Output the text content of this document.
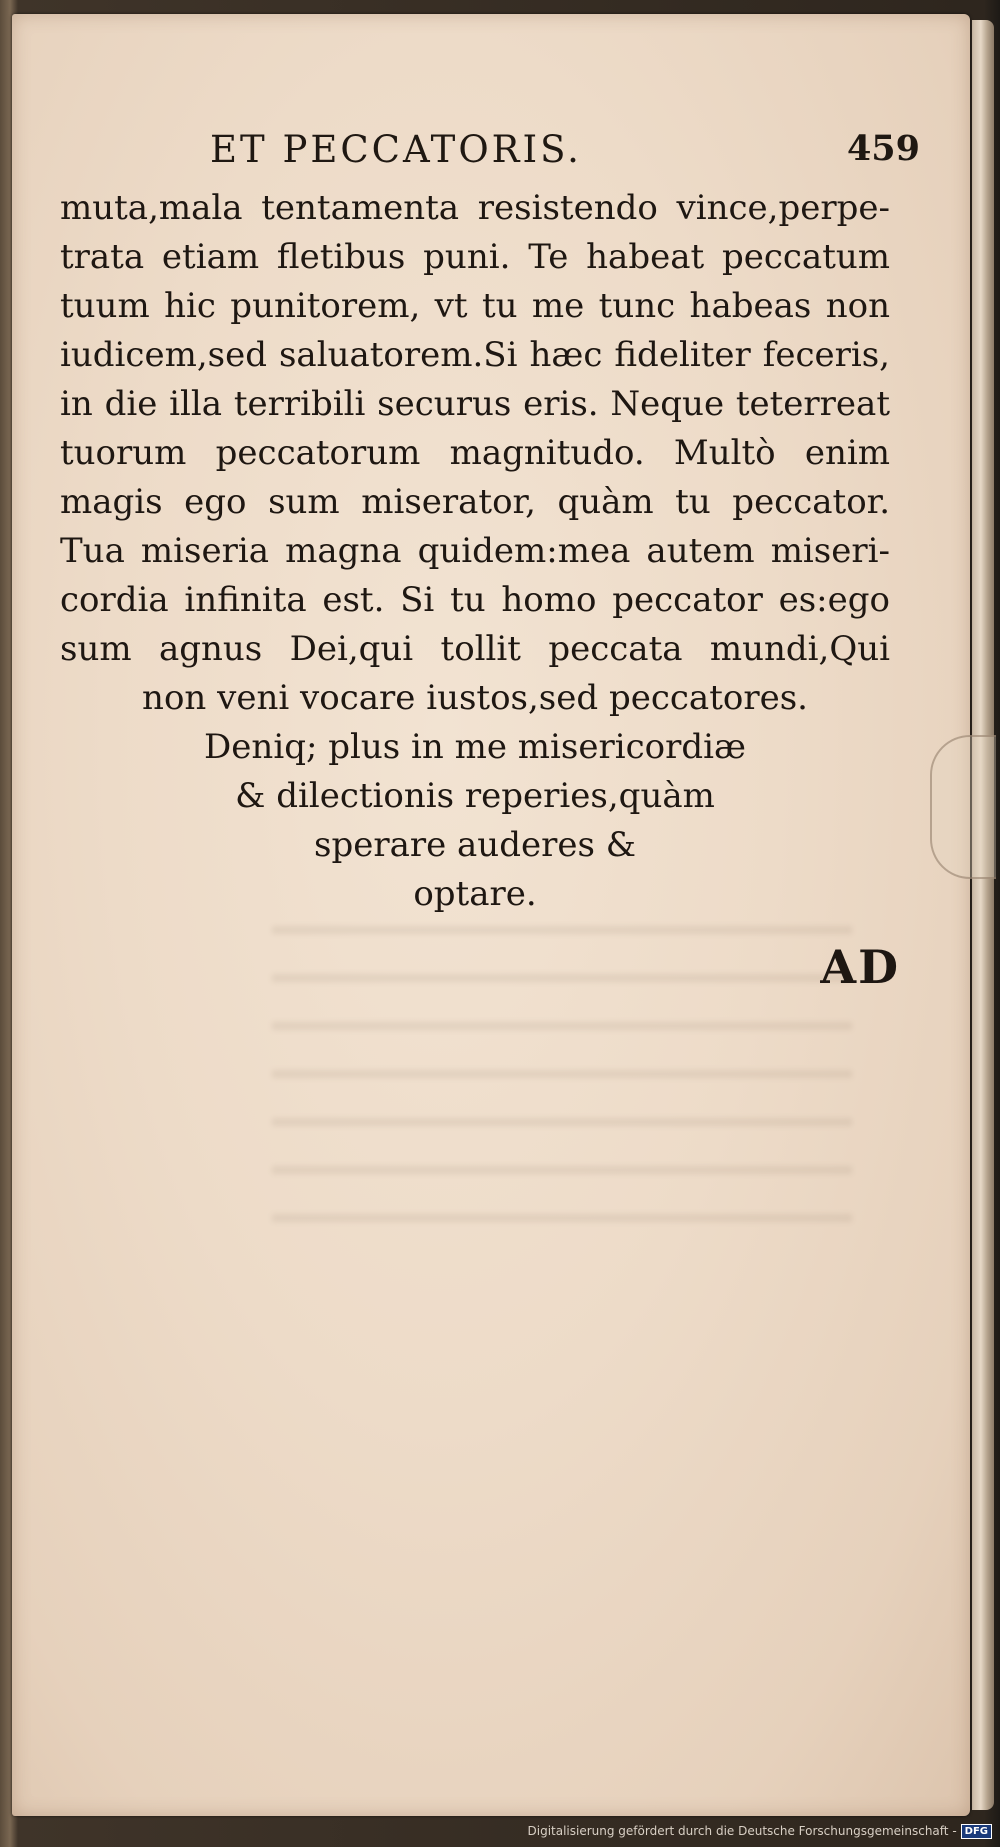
ET PECCATORIS.	459
muta,mala tentamenta resistendo vince,perpe-
trata etiam fletibus puni. Te habeat peccatum
tuum hic punitorem, vt tu me tunc habeas non
iudicem,sed saluatorem.Si hæc fideliter feceris,
in die illa terribili securus eris. Neque teterreat
tuorum peccatorum magnitudo. Multò enim
magis ego sum miserator, quàm tu peccator.
Tua miseria magna quidem:mea autem miseri-
cordia infinita est. Si tu homo peccator es:ego
sum agnus Dei,qui tollit peccata mundi,Qui
non veni vocare iustos,sed peccatores.
Deniq; plus in me misericordiæ
& dilectionis reperies,quàm
sperare auderes &
optare.
AD
Digitalisierung gefördert durch die Deutsche Forschungsgemeinschaft - DFG
